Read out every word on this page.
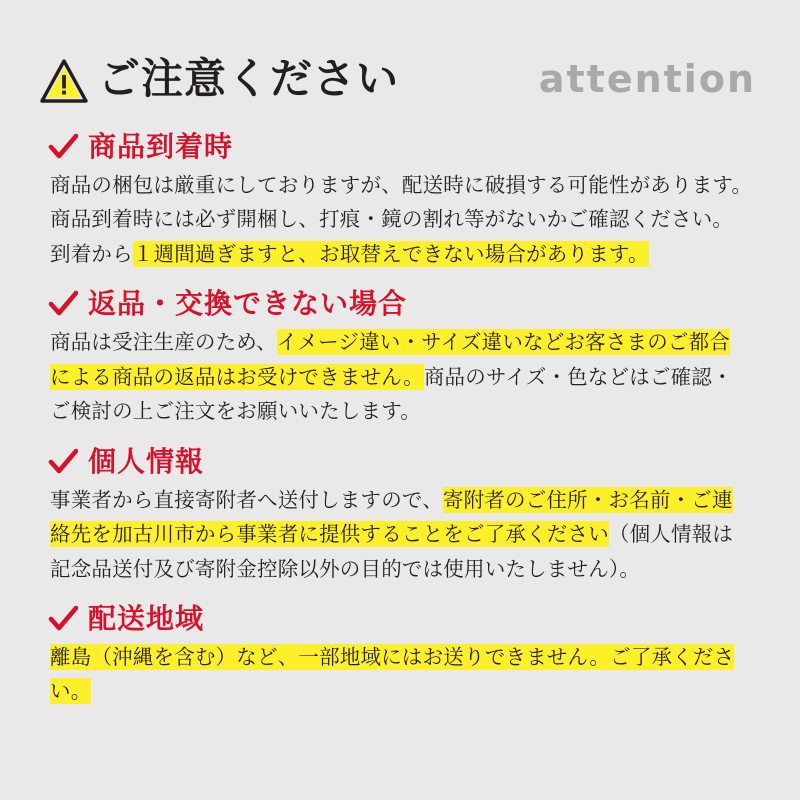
ご注意ください	attention
商品到着時
商品の梱包は厳重にしておりますが、配送時に破損する可能性があります。
商品到着時には必ず開梱し、打痕・鏡の割れ等がないかご確認ください。
到着から１週間過ぎますと、お取替えできない場合があります。
返品・交換できない場合
商品は受注生産のため、イメージ違い・サイズ違いなどお客さまのご都合
による商品の返品はお受けできません。商品のサイズ・色などはご確認・
ご検討の上ご注文をお願いいたします。
個人情報
事業者から直接寄附者へ送付しますので、寄附者のご住所・お名前・ご連
絡先を加古川市から事業者に提供することをご了承ください（個人情報は
記念品送付及び寄附金控除以外の目的では使用いたしません）。
配送地域
離島（沖縄を含む）など、一部地域にはお送りできません。ご了承ください。
